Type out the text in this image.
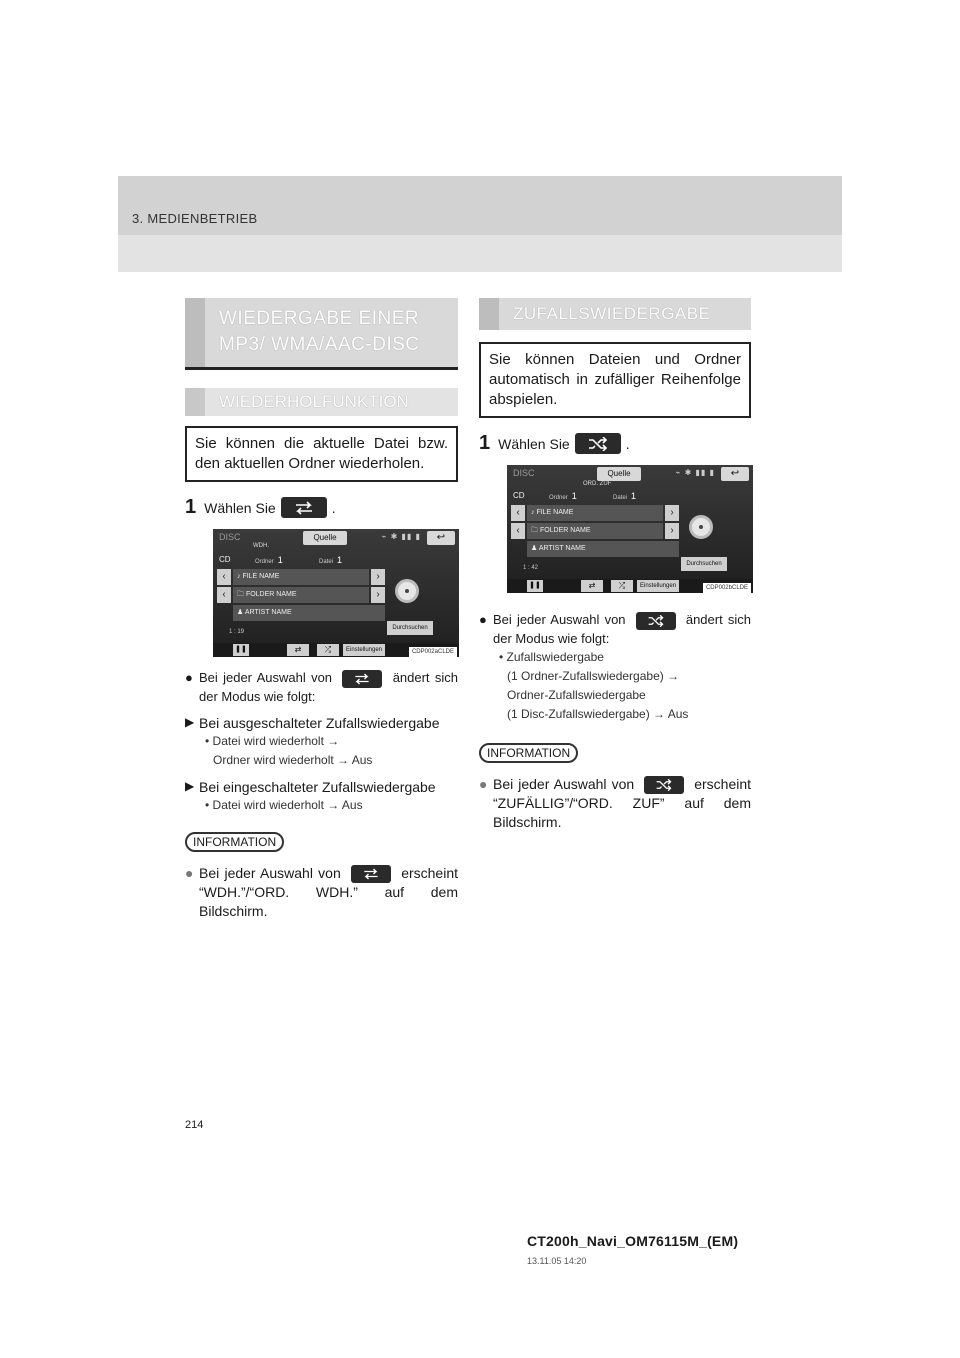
3. MEDIENBETRIEB
WIEDERGABE EINER MP3/ WMA/AAC-DISC
WIEDERHOLFUNKTION
Sie können die aktuelle Datei bzw. den aktuellen Ordner wiederholen.
1 Wählen Sie	.
DISC
WDH.
Quelle	⌁ ✱ ▮▮ ▮	↩
CD	Ordner 1	Datei 1
‹	♪ FILE NAME	›
‹	🗀 FOLDER NAME	›
♟ ARTIST NAME
Durchsuchen
1 : 19
❚❚	⇄	⤮	Einstellungen	CDP002aCLDE
● Bei jeder Auswahl von	ändert sich der Modus wie folgt:
▶ Bei ausgeschalteter Zufallswiedergabe
• Datei wird wiederholt →
Ordner wird wiederholt → Aus
▶ Bei eingeschalteter Zufallswiedergabe
• Datei wird wiederholt → Aus
INFORMATION
● Bei jeder Auswahl von	erscheint “WDH.”/“ORD. WDH.” auf dem Bildschirm.
ZUFALLSWIEDERGABE
Sie können Dateien und Ordner automatisch in zufälliger Reihenfolge abspielen.
1 Wählen Sie	.
DISC
ORD. ZUF
Quelle	⌁ ✱ ▮▮ ▮	↩
CD	Ordner 1	Datei 1
‹	♪ FILE NAME	›
‹	🗀 FOLDER NAME	›
♟ ARTIST NAME
Durchsuchen
1 : 42
❚❚	⇄	⤮	Einstellungen	CDP002bCLDE
● Bei jeder Auswahl von	ändert sich der Modus wie folgt:
• Zufallswiedergabe
(1 Ordner-Zufallswiedergabe) →
Ordner-Zufallswiedergabe
(1 Disc-Zufallswiedergabe) → Aus
INFORMATION
● Bei jeder Auswahl von	erscheint “ZUFÄLLIG”/“ORD. ZUF” auf dem Bildschirm.
214
CT200h_Navi_OM76115M_(EM)
13.11.05 14:20
